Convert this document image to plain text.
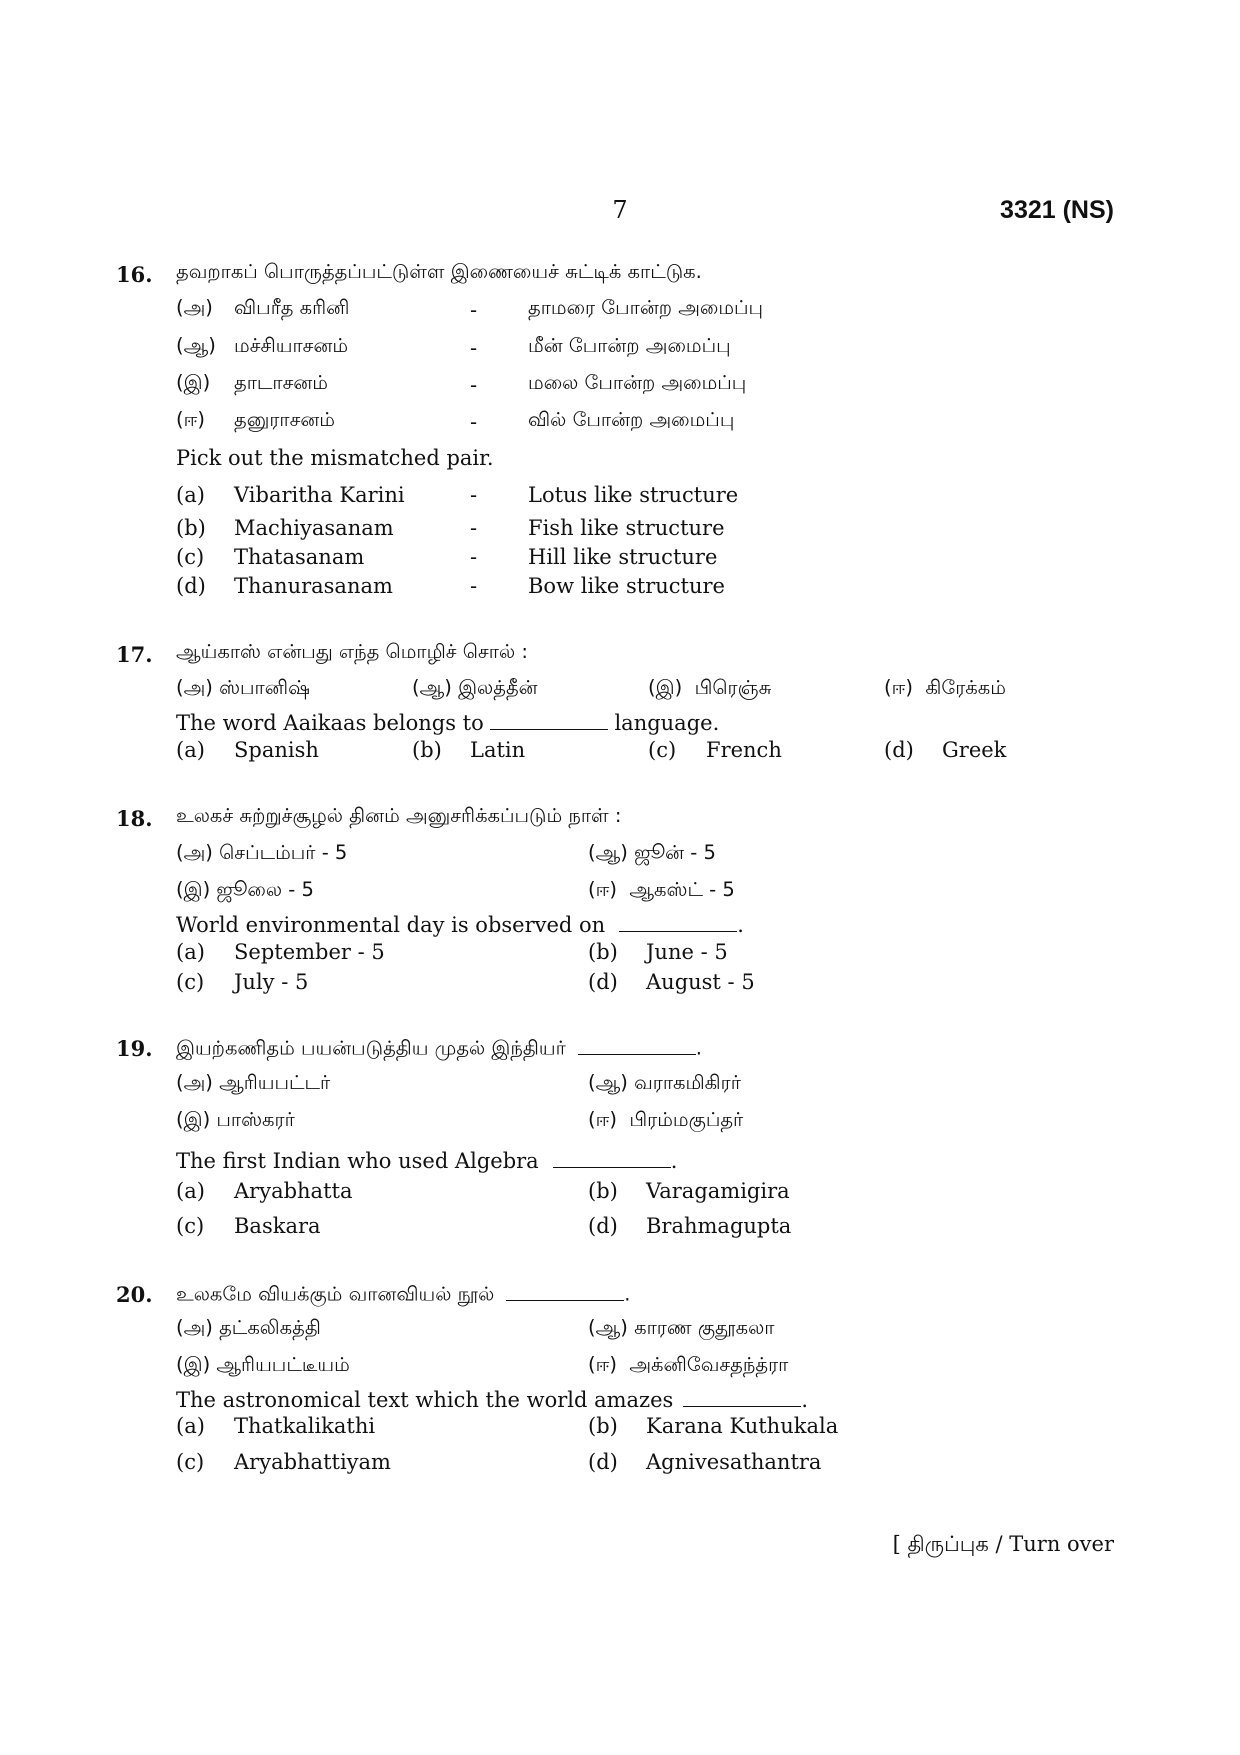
7	3321 (NS)
16. தவறாகப் பொருத்தப்பட்டுள்ள இணையைச் சுட்டிக் காட்டுக.
(அ) விபரீத கரினி	-	தாமரை போன்ற அமைப்பு
(ஆ) மச்சியாசனம்	-	மீன் போன்ற அமைப்பு
(இ) தாடாசனம்	-	மலை போன்ற அமைப்பு
(ஈ) தனுராசனம்	-	வில் போன்ற அமைப்பு
Pick out the mismatched pair.
(a) Vibaritha Karini	- Lotus like structure
(b) Machiyasanam	- Fish like structure
(c) Thatasanam	- Hill like structure
(d) Thanurasanam	- Bow like structure
17. ஆய்காஸ் என்பது எந்த மொழிச் சொல் :
(அ) ஸ்பானிஷ்	(ஆ) இலத்தீன்	(இ) பிரெஞ்சு	(ஈ) கிரேக்கம்
The word Aaikaas belongs to	language.
(a) Spanish	(b) Latin	(c) French	(d) Greek
18. உலகச் சுற்றுச்சூழல் தினம் அனுசரிக்கப்படும் நாள் :
(அ) செப்டம்பர் - 5	(ஆ) ஜூன் - 5
(இ) ஜூலை - 5	(ஈ) ஆகஸ்ட் - 5
World environmental day is observed on	.
(a) September - 5	(b) June - 5
(c) July - 5	(d) August - 5
19. இயற்கணிதம் பயன்படுத்திய முதல் இந்தியர்	.
(அ) ஆரியபட்டர்	(ஆ) வராகமிகிரர்
(இ) பாஸ்கரர்	(ஈ) பிரம்மகுப்தர்
The first Indian who used Algebra	.
(a) Aryabhatta	(b) Varagamigira
(c) Baskara	(d) Brahmagupta
20. உலகமே வியக்கும் வானவியல் நூல்	.
(அ) தட்கலிகத்தி	(ஆ) காரண குதூகலா
(இ) ஆரியபட்டீயம்	(ஈ) அக்னிவேசதந்த்ரா
The astronomical text which the world amazes	.
(a) Thatkalikathi	(b) Karana Kuthukala
(c) Aryabhattiyam	(d) Agnivesathantra
[ திருப்புக / Turn over
